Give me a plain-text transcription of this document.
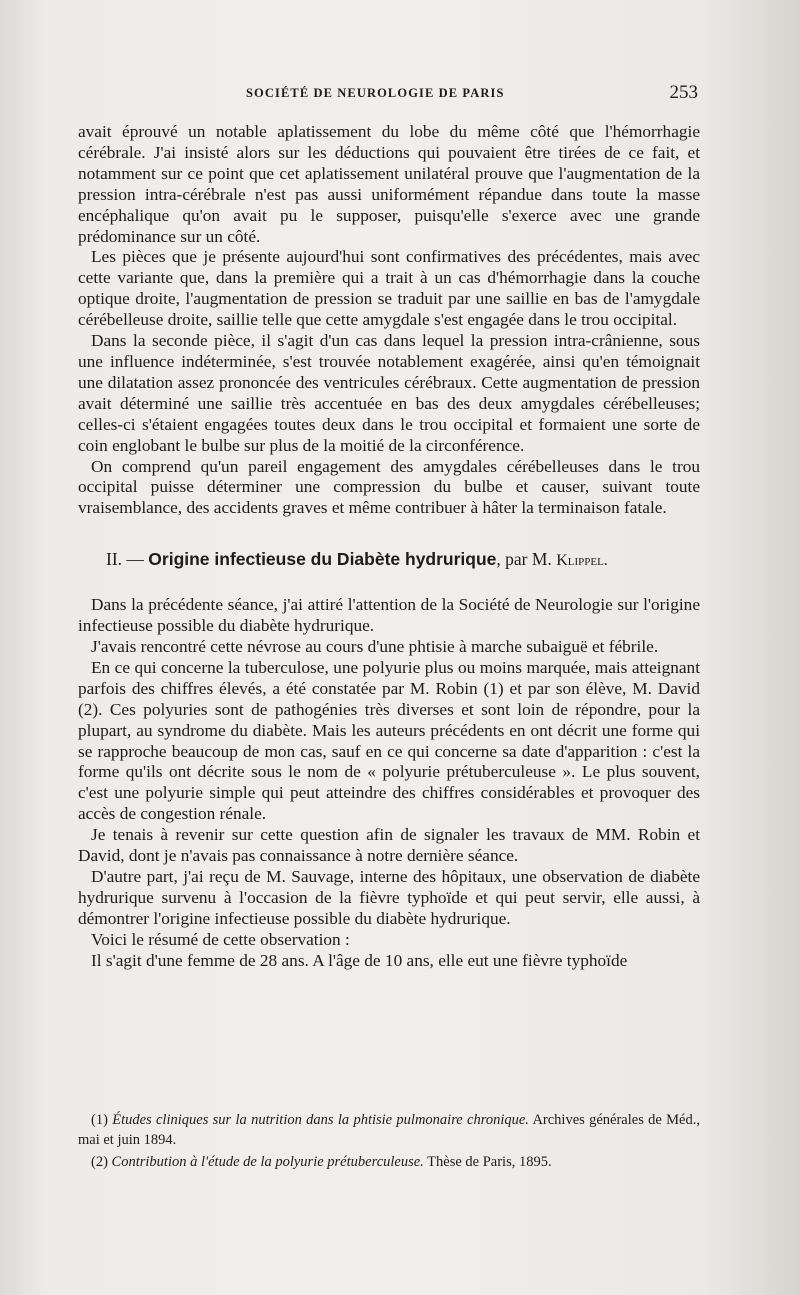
SOCIÉTÉ DE NEUROLOGIE DE PARIS	253

avait éprouvé un notable aplatissement du lobe du même côté que l'hémorrhagie cérébrale. J'ai insisté alors sur les déductions qui pouvaient être tirées de ce fait, et notamment sur ce point que cet aplatissement unilatéral prouve que l'augmentation de la pression intra-cérébrale n'est pas aussi uniformément répandue dans toute la masse encéphalique qu'on avait pu le supposer, puisqu'elle s'exerce avec une grande prédominance sur un côté.

Les pièces que je présente aujourd'hui sont confirmatives des précédentes, mais avec cette variante que, dans la première qui a trait à un cas d'hémorrhagie dans la couche optique droite, l'augmentation de pression se traduit par une saillie en bas de l'amygdale cérébelleuse droite, saillie telle que cette amygdale s'est engagée dans le trou occipital.

Dans la seconde pièce, il s'agit d'un cas dans lequel la pression intra-crânienne, sous une influence indéterminée, s'est trouvée notablement exagérée, ainsi qu'en témoignait une dilatation assez prononcée des ventricules cérébraux. Cette augmentation de pression avait déterminé une saillie très accentuée en bas des deux amygdales cérébelleuses; celles-ci s'étaient engagées toutes deux dans le trou occipital et formaient une sorte de coin englobant le bulbe sur plus de la moitié de la circonférence.

On comprend qu'un pareil engagement des amygdales cérébelleuses dans le trou occipital puisse déterminer une compression du bulbe et causer, suivant toute vraisemblance, des accidents graves et même contribuer à hâter la terminaison fatale.

II. — Origine infectieuse du Diabète hydrurique, par M. Klippel.

Dans la précédente séance, j'ai attiré l'attention de la Société de Neurologie sur l'origine infectieuse possible du diabète hydrurique.

J'avais rencontré cette névrose au cours d'une phtisie à marche subaiguë et fébrile.

En ce qui concerne la tuberculose, une polyurie plus ou moins marquée, mais atteignant parfois des chiffres élevés, a été constatée par M. Robin (1) et par son élève, M. David (2). Ces polyuries sont de pathogénies très diverses et sont loin de répondre, pour la plupart, au syndrome du diabète. Mais les auteurs précédents en ont décrit une forme qui se rapproche beaucoup de mon cas, sauf en ce qui concerne sa date d'apparition : c'est la forme qu'ils ont décrite sous le nom de « polyurie prétuberculeuse ». Le plus souvent, c'est une polyurie simple qui peut atteindre des chiffres considérables et provoquer des accès de congestion rénale.

Je tenais à revenir sur cette question afin de signaler les travaux de MM. Robin et David, dont je n'avais pas connaissance à notre dernière séance.

D'autre part, j'ai reçu de M. Sauvage, interne des hôpitaux, une observation de diabète hydrurique survenu à l'occasion de la fièvre typhoïde et qui peut servir, elle aussi, à démontrer l'origine infectieuse possible du diabète hydrurique.

Voici le résumé de cette observation :

Il s'agit d'une femme de 28 ans. A l'âge de 10 ans, elle eut une fièvre typhoïde

(1) Études cliniques sur la nutrition dans la phtisie pulmonaire chronique. Archives générales de Méd., mai et juin 1894.

(2) Contribution à l'étude de la polyurie prétuberculeuse. Thèse de Paris, 1895.
